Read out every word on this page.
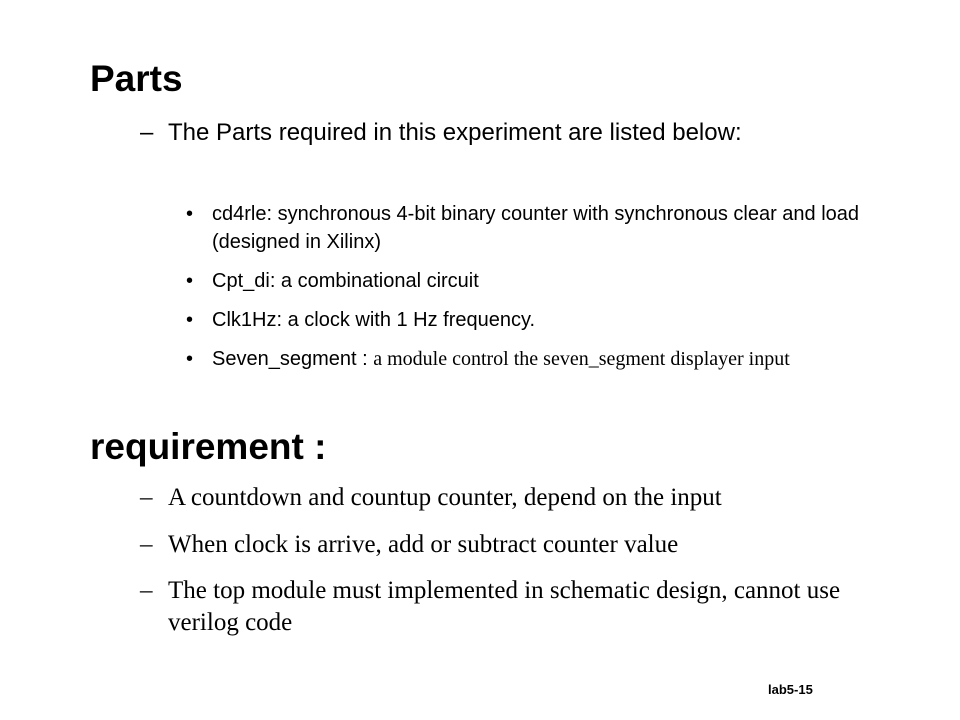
Parts
– The Parts required in this experiment are listed below:
• cd4rle: synchronous 4-bit binary counter with synchronous clear and load (designed in Xilinx)
• Cpt_di: a combinational circuit
• Clk1Hz: a clock with 1 Hz frequency.
• Seven_segment : a module control the seven_segment displayer input
requirement :
– A countdown and countup counter, depend on the input
– When clock is arrive, add or subtract counter value
– The top module must implemented in schematic design, cannot use verilog code
lab5-15
